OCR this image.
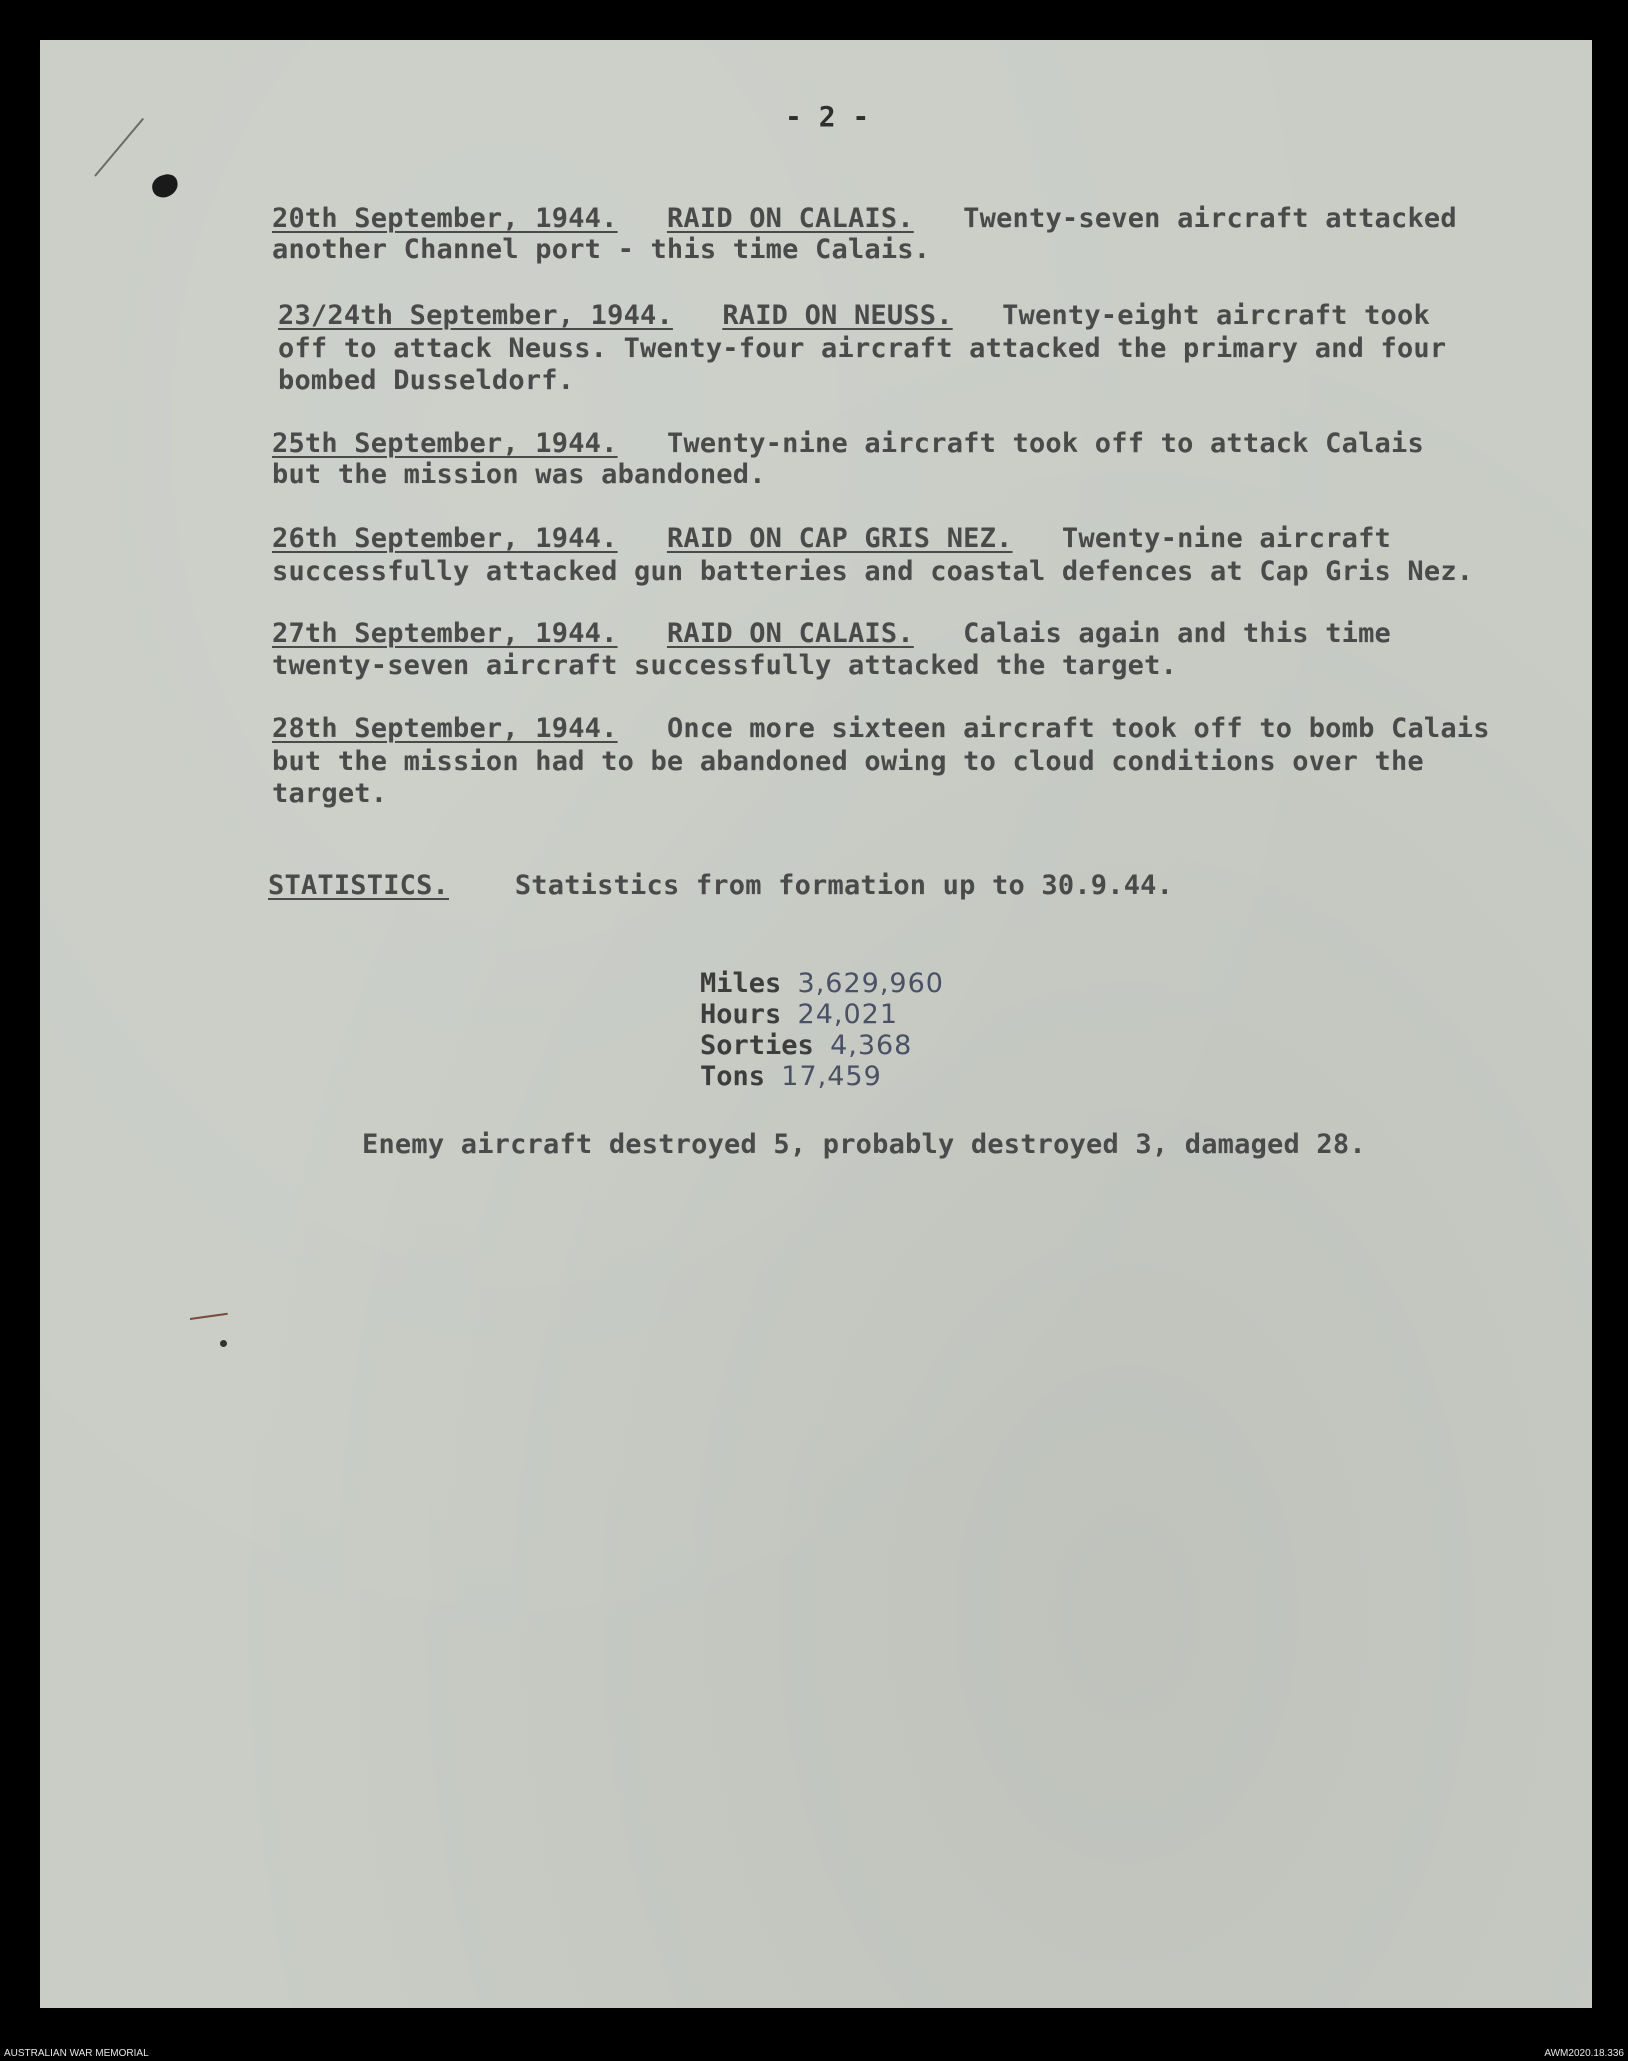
- 2 -
20th September, 1944. RAID ON CALAIS. Twenty-seven aircraft attacked
another Channel port - this time Calais.
23/24th September, 1944. RAID ON NEUSS. Twenty-eight aircraft took
off to attack Neuss. Twenty-four aircraft attacked the primary and four
bombed Dusseldorf.
25th September, 1944. Twenty-nine aircraft took off to attack Calais
but the mission was abandoned.
26th September, 1944. RAID ON CAP GRIS NEZ. Twenty-nine aircraft
successfully attacked gun batteries and coastal defences at Cap Gris Nez.
27th September, 1944. RAID ON CALAIS. Calais again and this time
twenty-seven aircraft successfully attacked the target.
28th September, 1944. Once more sixteen aircraft took off to bomb Calais
but the mission had to be abandoned owing to cloud conditions over the
target.
STATISTICS. Statistics from formation up to 30.9.44.
Miles 3,629,960
Hours 24,021
Sorties 4,368
Tons 17,459
Enemy aircraft destroyed 5, probably destroyed 3, damaged 28.
AUSTRALIAN WAR MEMORIAL	AWM2020.18.336
